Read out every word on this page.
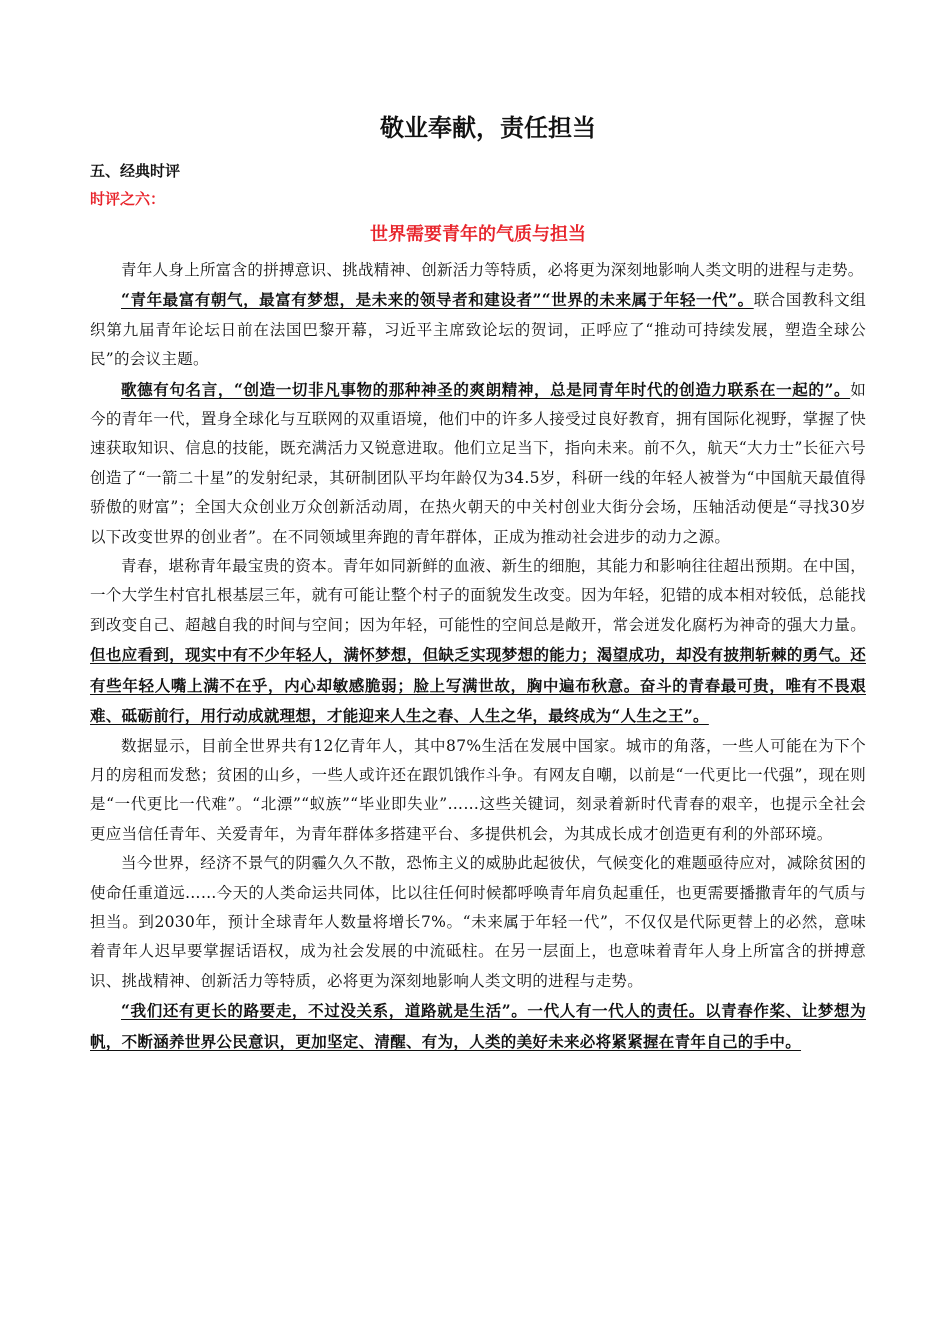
敬业奉献，责任担当

五、经典时评

时评之六：

世界需要青年的气质与担当

青年人身上所富含的拼搏意识、挑战精神、创新活力等特质，必将更为深刻地影响人类文明的进程与走势。

“青年最富有朝气，最富有梦想，是未来的领导者和建设者”“世界的未来属于年轻一代”。联合国教科文组织第九届青年论坛日前在法国巴黎开幕，习近平主席致论坛的贺词，正呼应了“推动可持续发展，塑造全球公民”的会议主题。

歌德有句名言，“创造一切非凡事物的那种神圣的爽朗精神，总是同青年时代的创造力联系在一起的”。如今的青年一代，置身全球化与互联网的双重语境，他们中的许多人接受过良好教育，拥有国际化视野，掌握了快速获取知识、信息的技能，既充满活力又锐意进取。他们立足当下，指向未来。前不久，航天“大力士”长征六号创造了“一箭二十星”的发射纪录，其研制团队平均年龄仅为34.5岁，科研一线的年轻人被誉为“中国航天最值得骄傲的财富”；全国大众创业万众创新活动周，在热火朝天的中关村创业大街分会场，压轴活动便是“寻找30岁以下改变世界的创业者”。在不同领域里奔跑的青年群体，正成为推动社会进步的动力之源。

青春，堪称青年最宝贵的资本。青年如同新鲜的血液、新生的细胞，其能力和影响往往超出预期。在中国，一个大学生村官扎根基层三年，就有可能让整个村子的面貌发生改变。因为年轻，犯错的成本相对较低，总能找到改变自己、超越自我的时间与空间；因为年轻，可能性的空间总是敞开，常会迸发化腐朽为神奇的强大力量。但也应看到，现实中有不少年轻人，满怀梦想，但缺乏实现梦想的能力；渴望成功，却没有披荆斩棘的勇气。还有些年轻人嘴上满不在乎，内心却敏感脆弱；脸上写满世故，胸中遍布秋意。奋斗的青春最可贵，唯有不畏艰难、砥砺前行，用行动成就理想，才能迎来人生之春、人生之华，最终成为“人生之王”。

数据显示，目前全世界共有12亿青年人，其中87%生活在发展中国家。城市的角落，一些人可能在为下个月的房租而发愁；贫困的山乡，一些人或许还在跟饥饿作斗争。有网友自嘲，以前是“一代更比一代强”，现在则是“一代更比一代难”。“北漂”“蚁族”“毕业即失业”……这些关键词，刻录着新时代青春的艰辛，也提示全社会更应当信任青年、关爱青年，为青年群体多搭建平台、多提供机会，为其成长成才创造更有利的外部环境。

当今世界，经济不景气的阴霾久久不散，恐怖主义的威胁此起彼伏，气候变化的难题亟待应对，减除贫困的使命任重道远……今天的人类命运共同体，比以往任何时候都呼唤青年肩负起重任，也更需要播撒青年的气质与担当。到2030年，预计全球青年人数量将增长7%。“未来属于年轻一代”，不仅仅是代际更替上的必然，意味着青年人迟早要掌握话语权，成为社会发展的中流砥柱。在另一层面上，也意味着青年人身上所富含的拼搏意识、挑战精神、创新活力等特质，必将更为深刻地影响人类文明的进程与走势。

“我们还有更长的路要走，不过没关系，道路就是生活”。一代人有一代人的责任。以青春作桨、让梦想为帆，不断涵养世界公民意识，更加坚定、清醒、有为，人类的美好未来必将紧紧握在青年自己的手中。
